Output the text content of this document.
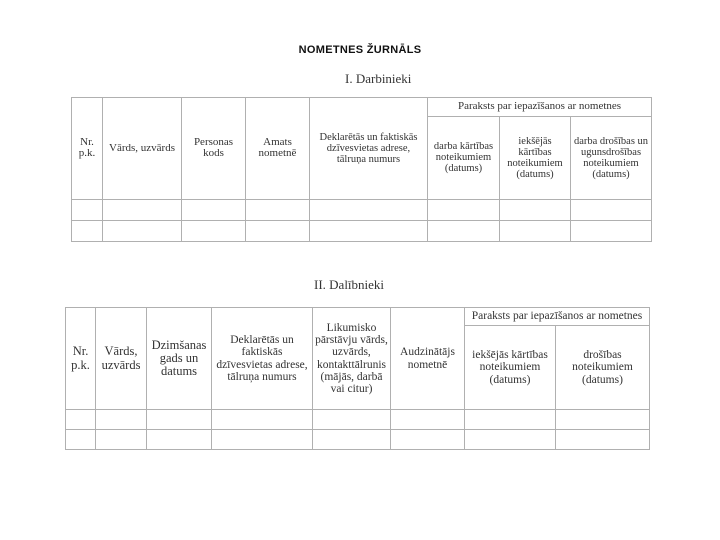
NOMETNES ŽURNĀLS
I. Darbinieki
Nr. p.k.	Vārds, uzvārds	Personas kods	Amats nometnē	Deklarētās un faktiskās dzīvesvietas adrese, tālruņa numurs	Paraksts par iepazīšanos ar nometnes		
					darba kārtības noteikumiem (datums)	iekšējās kārtības noteikumiem (datums)	darba drošības un ugunsdrošības noteikumiem (datums)

II. Dalībnieki
Nr. p.k.	Vārds, uzvārds	Dzimšanas gads un datums	Deklarētās un faktiskās dzīvesvietas adrese, tālruņa numurs	Likumisko pārstāvju vārds, uzvārds, kontakttālrunis (mājās, darbā vai citur)	Audzinātājs nometnē	Paraksts par iepazīšanos ar nometnes	
						iekšējās kārtības noteikumiem (datums)	drošības noteikumiem (datums)
